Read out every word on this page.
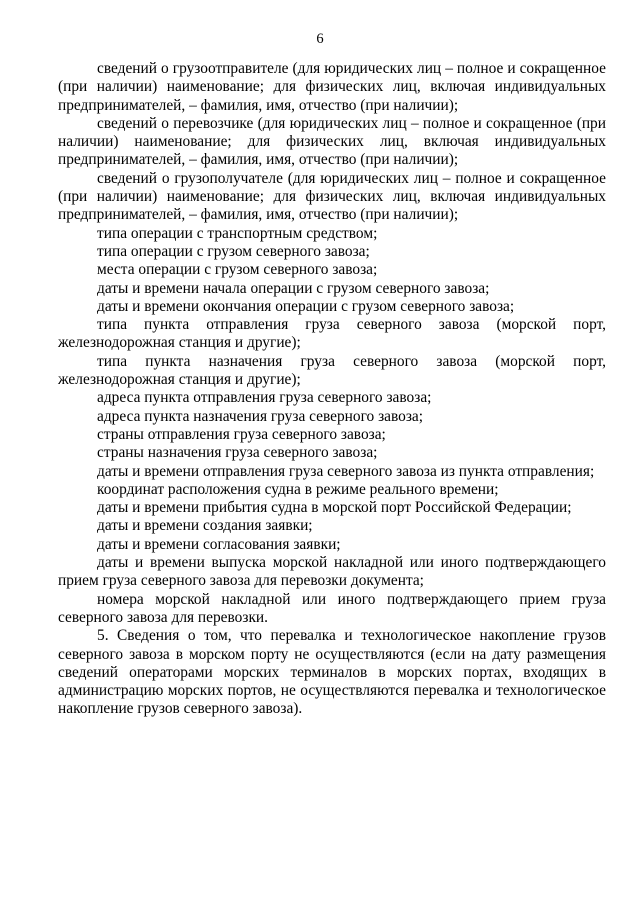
6

сведений о грузоотправителе (для юридических лиц – полное и сокращенное (при наличии) наименование; для физических лиц, включая индивидуальных предпринимателей, – фамилия, имя, отчество (при наличии);

сведений о перевозчике (для юридических лиц – полное и сокращенное (при наличии) наименование; для физических лиц, включая индивидуальных предпринимателей, – фамилия, имя, отчество (при наличии);

сведений о грузополучателе (для юридических лиц – полное и сокращенное (при наличии) наименование; для физических лиц, включая индивидуальных предпринимателей, – фамилия, имя, отчество (при наличии);

типа операции с транспортным средством;

типа операции с грузом северного завоза;

места операции с грузом северного завоза;

даты и времени начала операции с грузом северного завоза;

даты и времени окончания операции с грузом северного завоза;

типа пункта отправления груза северного завоза (морской порт, железнодорожная станция и другие);

типа пункта назначения груза северного завоза (морской порт, железнодорожная станция и другие);

адреса пункта отправления груза северного завоза;

адреса пункта назначения груза северного завоза;

страны отправления груза северного завоза;

страны назначения груза северного завоза;

даты и времени отправления груза северного завоза из пункта отправления;

координат расположения судна в режиме реального времени;

даты и времени прибытия судна в морской порт Российской Федерации;

даты и времени создания заявки;

даты и времени согласования заявки;

даты и времени выпуска морской накладной или иного подтверждающего прием груза северного завоза для перевозки документа;

номера морской накладной или иного подтверждающего прием груза северного завоза для перевозки.

5. Сведения о том, что перевалка и технологическое накопление грузов северного завоза в морском порту не осуществляются (если на дату размещения сведений операторами морских терминалов в морских портах, входящих в администрацию морских портов, не осуществляются перевалка и технологическое накопление грузов северного завоза).
